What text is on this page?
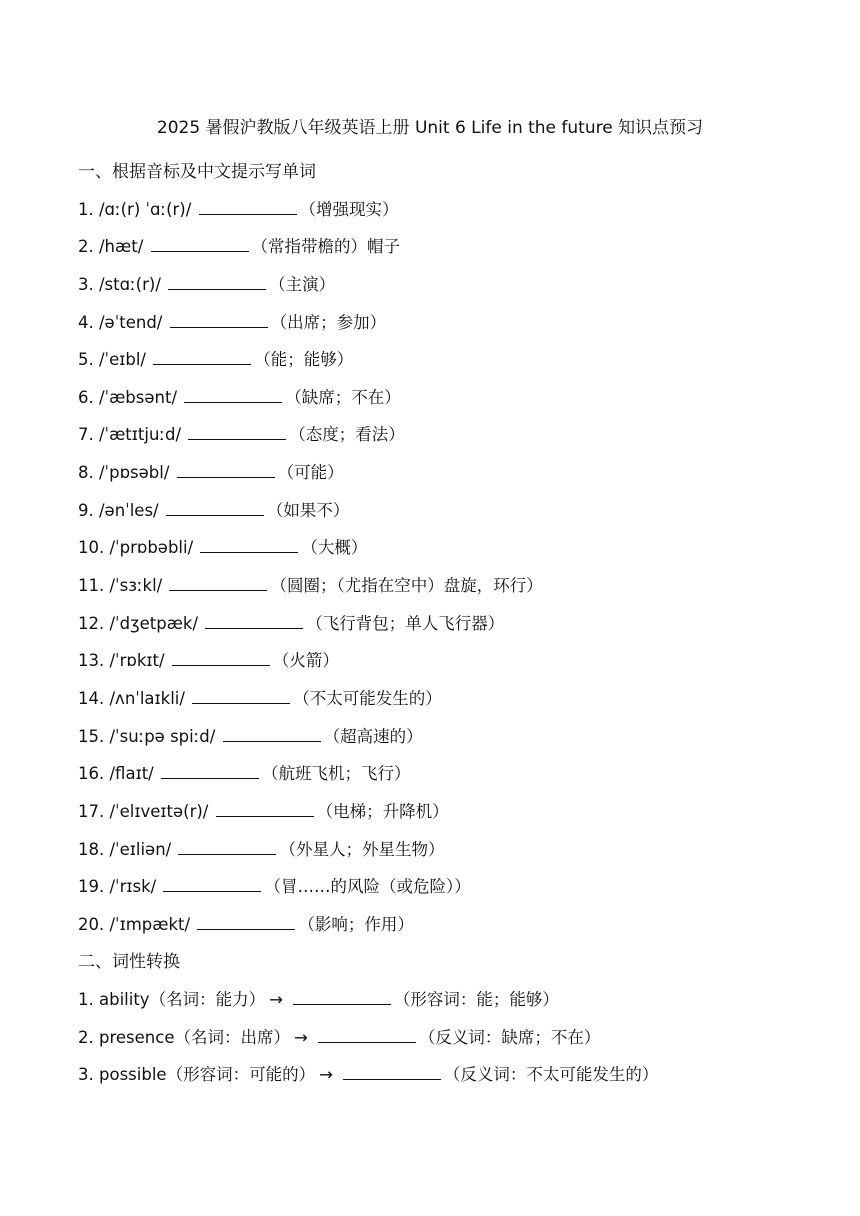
2025 暑假沪教版八年级英语上册 Unit 6 Life in the future 知识点预习
一、根据音标及中文提示写单词
1. /ɑː(r) ˈɑː(r)/	（增强现实）
2. /hæt/	（常指带檐的）帽子
3. /stɑː(r)/	（主演）
4. /əˈtend/	（出席；参加）
5. /ˈeɪbl/	（能；能够）
6. /ˈæbsənt/	（缺席；不在）
7. /ˈætɪtjuːd/	（态度；看法）
8. /ˈpɒsəbl/	（可能）
9. /ənˈles/	（如果不）
10. /ˈprɒbəbli/	（大概）
11. /ˈsɜːkl/	（圆圈；（尤指在空中）盘旋，环行）
12. /ˈdʒetpæk/	（飞行背包；单人飞行器）
13. /ˈrɒkɪt/	（火箭）
14. /ʌnˈlaɪkli/	（不太可能发生的）
15. /ˈsuːpə spiːd/	（超高速的）
16. /flaɪt/	（航班飞机；飞行）
17. /ˈelɪveɪtə(r)/	（电梯；升降机）
18. /ˈeɪliən/	（外星人；外星生物）
19. /ˈrɪsk/	（冒……的风险（或危险））
20. /ˈɪmpækt/	（影响；作用）
二、词性转换
1. ability（名词：能力） →	（形容词：能；能够）
2. presence（名词：出席） →	（反义词：缺席；不在）
3. possible（形容词：可能的） →	（反义词：不太可能发生的）
